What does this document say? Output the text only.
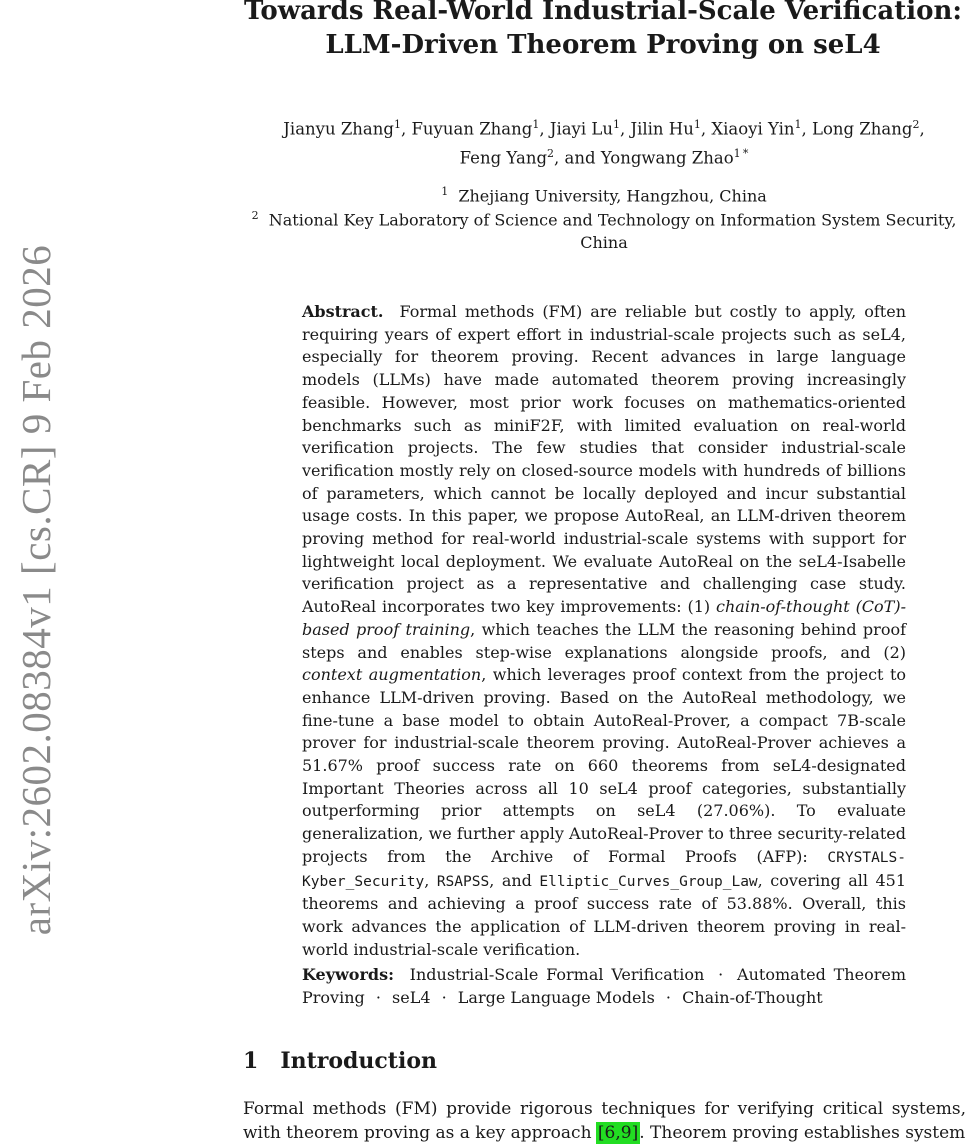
arXiv:2602.08384v1 [cs.CR] 9 Feb 2026
Towards Real-World Industrial-Scale Verification:
LLM-Driven Theorem Proving on seL4
Jianyu Zhang$^1$, Fuyuan Zhang$^1$, Jiayi Lu$^1$, Jilin Hu$^1$, Xiaoyi Yin$^1$, Long Zhang$^2$,
Feng Yang$^2$, and Yongwang Zhao$^{1 *}$
$^1$ Zhejiang University, Hangzhou, China
$^2$ National Key Laboratory of Science and Technology on Information System Security, China
Abstract. Formal methods (FM) are reliable but costly to apply, often requiring years of expert effort in industrial-scale projects such as seL4, especially for theorem proving. Recent advances in large language models (LLMs) have made automated theorem proving increasingly feasible. However, most prior work focuses on mathematics-oriented benchmarks such as miniF2F, with limited evaluation on real-world verification projects. The few studies that consider industrial-scale verification mostly rely on closed-source models with hundreds of billions of parameters, which cannot be locally deployed and incur substantial usage costs. In this paper, we propose AutoReal, an LLM-driven theorem proving method for real-world industrial-scale systems with support for lightweight local deployment. We evaluate AutoReal on the seL4-Isabelle verification project as a representative and challenging case study. AutoReal incorporates two key improvements: (1) chain-of-thought (CoT)-based proof training, which teaches the LLM the reasoning behind proof steps and enables step-wise explanations alongside proofs, and (2) context augmentation, which leverages proof context from the project to enhance LLM-driven proving. Based on the AutoReal methodology, we fine-tune a base model to obtain AutoReal-Prover, a compact 7B-scale prover for industrial-scale theorem proving. AutoReal-Prover achieves a 51.67% proof success rate on 660 theorems from seL4-designated Important Theories across all 10 seL4 proof categories, substantially outperforming prior attempts on seL4 (27.06%). To evaluate generalization, we further apply AutoReal-Prover to three security-related projects from the Archive of Formal Proofs (AFP): CRYSTALS-Kyber_Security, RSAPSS, and Elliptic_Curves_Group_Law, covering all 451 theorems and achieving a proof success rate of 53.88%. Overall, this work advances the application of LLM-driven theorem proving in real-world industrial-scale verification.
Keywords: Industrial-Scale Formal Verification · Automated Theorem Proving · seL4 · Large Language Models · Chain-of-Thought
1 Introduction
Formal methods (FM) provide rigorous techniques for verifying critical systems, with theorem proving as a key approach [6,9]. Theorem proving establishes system
